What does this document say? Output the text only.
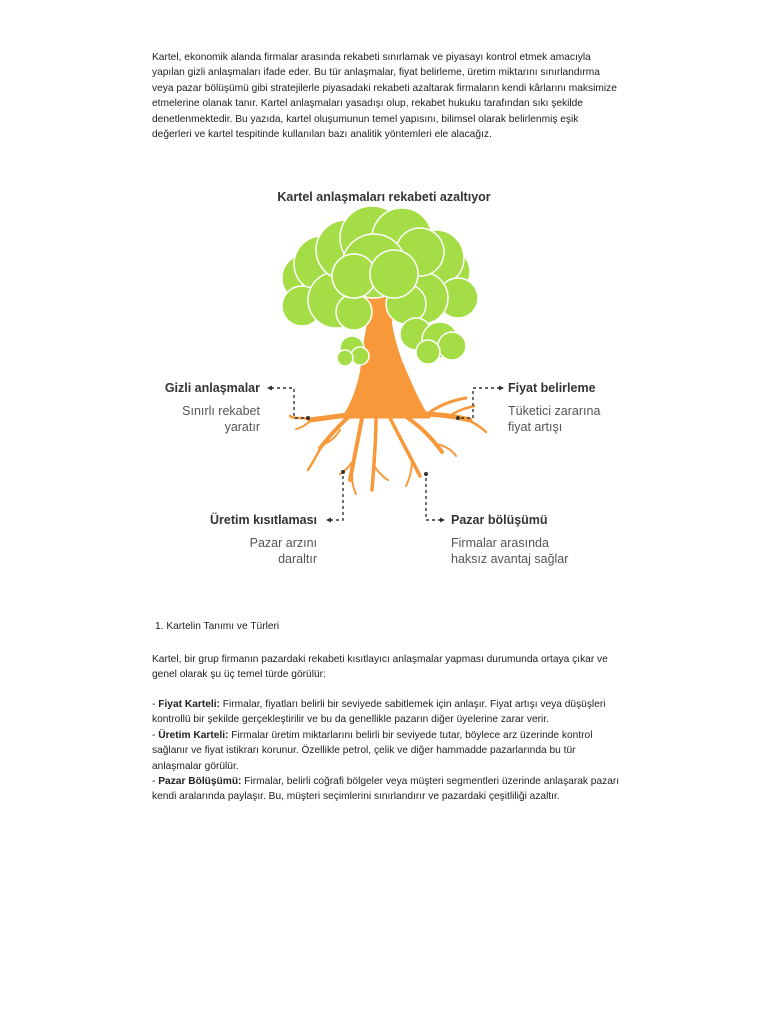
Kartel, ekonomik alanda firmalar arasında rekabeti sınırlamak ve piyasayı kontrol etmek amacıyla yapılan gizli anlaşmaları ifade eder. Bu tür anlaşmalar, fiyat belirleme, üretim miktarını sınırlandırma veya pazar bölüşümü gibi stratejilerle piyasadaki rekabeti azaltarak firmaların kendi kârlarını maksimize etmelerine olanak tanır. Kartel anlaşmaları yasadışı olup, rekabet hukuku tarafından sıkı şekilde denetlenmektedir. Bu yazıda, kartel oluşumunun temel yapısını, bilimsel olarak belirlenmiş eşik değerleri ve kartel tespitinde kullanılan bazı analitik yöntemleri ele alacağız.

Kartel anlaşmaları rekabeti azaltıyor
Gizli anlaşmalar
Sınırlı rekabet yaratır
Fiyat belirleme
Tüketici zararına fiyat artışı
Üretim kısıtlaması
Pazar arzını daraltır
Pazar bölüşümü
Firmalar arasında haksız avantaj sağlar

1. Kartelin Tanımı ve Türleri

Kartel, bir grup firmanın pazardaki rekabeti kısıtlayıcı anlaşmalar yapması durumunda ortaya çıkar ve genel olarak şu üç temel türde görülür:

- Fiyat Karteli: Firmalar, fiyatları belirli bir seviyede sabitlemek için anlaşır. Fiyat artışı veya düşüşleri kontrollü bir şekilde gerçekleştirilir ve bu da genellikle pazarın diğer üyelerine zarar verir.
- Üretim Karteli: Firmalar üretim miktarlarını belirli bir seviyede tutar, böylece arz üzerinde kontrol sağlanır ve fiyat istikrarı korunur. Özellikle petrol, çelik ve diğer hammadde pazarlarında bu tür anlaşmalar görülür.
- Pazar Bölüşümü: Firmalar, belirli coğrafi bölgeler veya müşteri segmentleri üzerinde anlaşarak pazarı kendi aralarında paylaşır. Bu, müşteri seçimlerini sınırlandırır ve pazardaki çeşitliliği azaltır.
